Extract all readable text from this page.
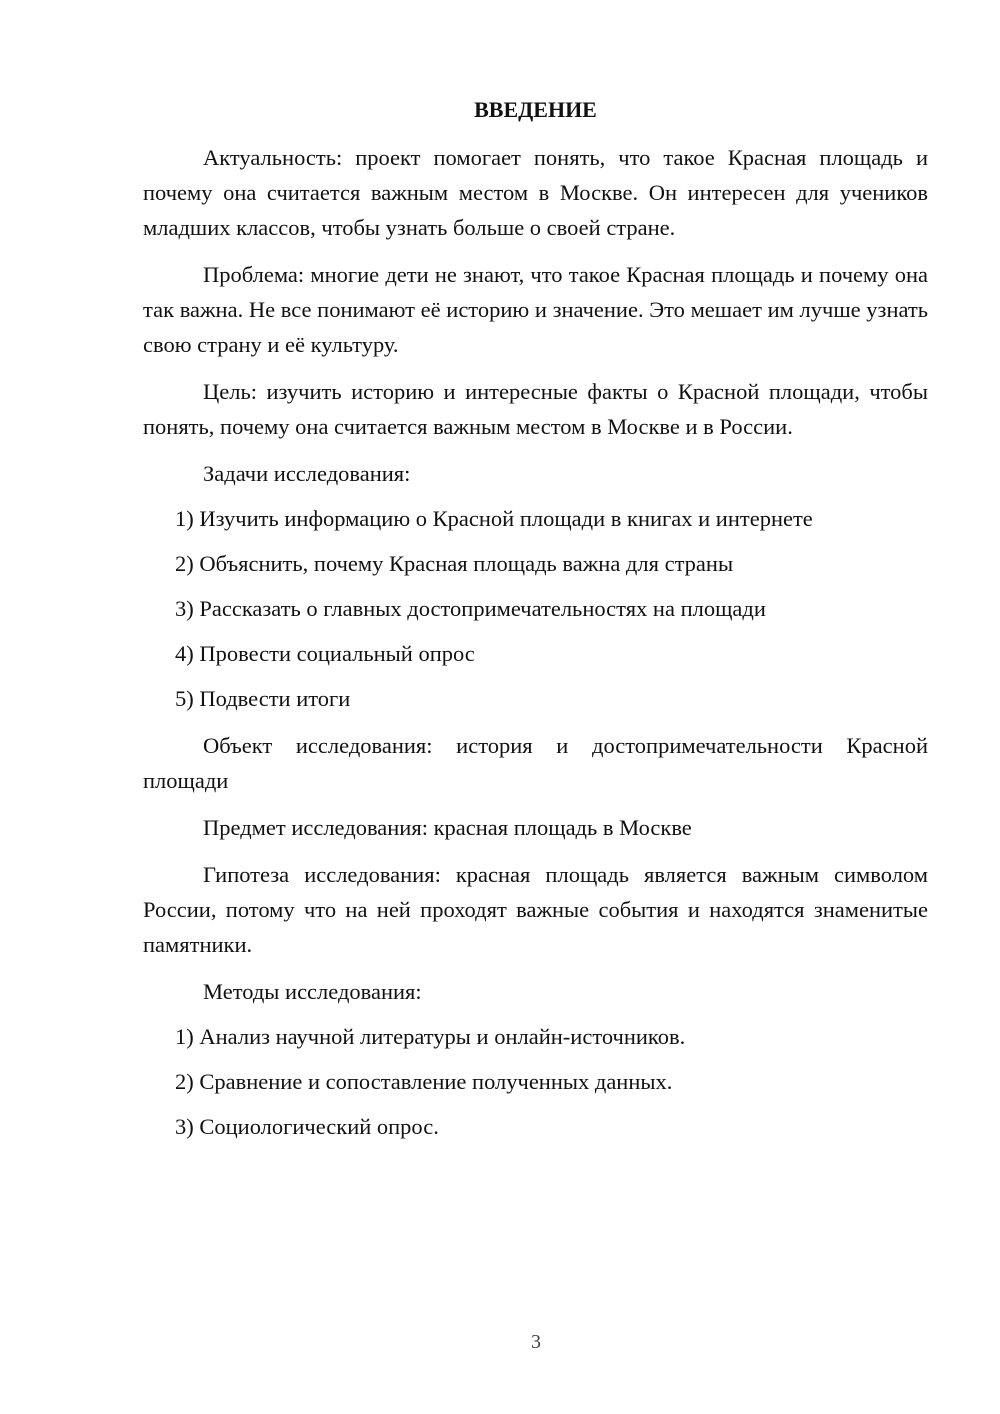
ВВЕДЕНИЕ

Актуальность: проект помогает понять, что такое Красная площадь и почему она считается важным местом в Москве. Он интересен для учеников младших классов, чтобы узнать больше о своей стране.

Проблема: многие дети не знают, что такое Красная площадь и почему она так важна. Не все понимают её историю и значение. Это мешает им лучше узнать свою страну и её культуру.

Цель: изучить историю и интересные факты о Красной площади, чтобы понять, почему она считается важным местом в Москве и в России.

Задачи исследования:

1) Изучить информацию о Красной площади в книгах и интернете

2) Объяснить, почему Красная площадь важна для страны

3) Рассказать о главных достопримечательностях на площади

4) Провести социальный опрос

5) Подвести итоги

Объект исследования: история и достопримечательности Красной площади

Предмет исследования: красная площадь в Москве

Гипотеза исследования: красная площадь является важным символом России, потому что на ней проходят важные события и находятся знаменитые памятники.

Методы исследования:

1) Анализ научной литературы и онлайн-источников.

2) Сравнение и сопоставление полученных данных.

3) Социологический опрос.

3
